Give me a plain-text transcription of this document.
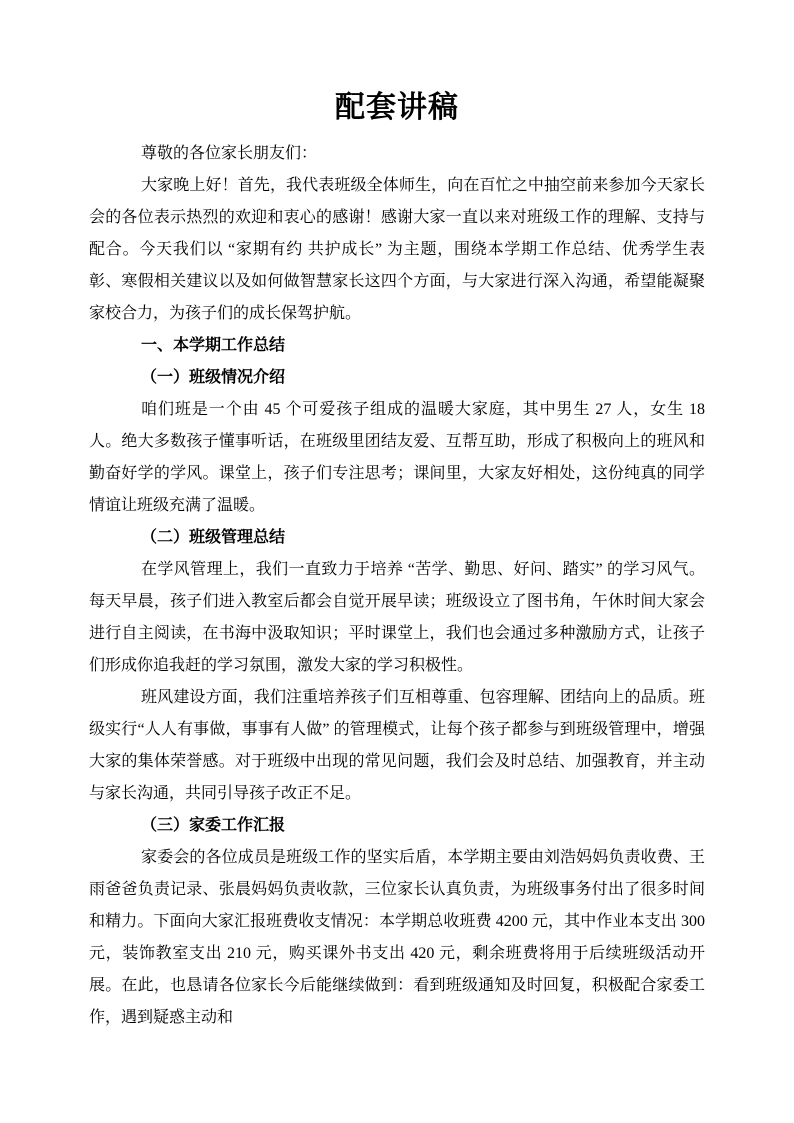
配套讲稿

尊敬的各位家长朋友们：

大家晚上好！首先，我代表班级全体师生，向在百忙之中抽空前来参加今天家长会的各位表示热烈的欢迎和衷心的感谢！感谢大家一直以来对班级工作的理解、支持与配合。今天我们以 “家期有约 共护成长” 为主题，围绕本学期工作总结、优秀学生表彰、寒假相关建议以及如何做智慧家长这四个方面，与大家进行深入沟通，希望能凝聚家校合力，为孩子们的成长保驾护航。

一、本学期工作总结

（一）班级情况介绍

咱们班是一个由 45 个可爱孩子组成的温暖大家庭，其中男生 27 人，女生 18 人。绝大多数孩子懂事听话，在班级里团结友爱、互帮互助，形成了积极向上的班风和勤奋好学的学风。课堂上，孩子们专注思考；课间里，大家友好相处，这份纯真的同学情谊让班级充满了温暖。

（二）班级管理总结

在学风管理上，我们一直致力于培养 “苦学、勤思、好问、踏实” 的学习风气。每天早晨，孩子们进入教室后都会自觉开展早读；班级设立了图书角，午休时间大家会进行自主阅读，在书海中汲取知识；平时课堂上，我们也会通过多种激励方式，让孩子们形成你追我赶的学习氛围，激发大家的学习积极性。

班风建设方面，我们注重培养孩子们互相尊重、包容理解、团结向上的品质。班级实行“人人有事做，事事有人做” 的管理模式，让每个孩子都参与到班级管理中，增强大家的集体荣誉感。对于班级中出现的常见问题，我们会及时总结、加强教育，并主动与家长沟通，共同引导孩子改正不足。

（三）家委工作汇报

家委会的各位成员是班级工作的坚实后盾，本学期主要由刘浩妈妈负责收费、王雨爸爸负责记录、张晨妈妈负责收款，三位家长认真负责，为班级事务付出了很多时间和精力。下面向大家汇报班费收支情况：本学期总收班费 4200 元，其中作业本支出 300 元，装饰教室支出 210 元，购买课外书支出 420 元，剩余班费将用于后续班级活动开展。在此，也恳请各位家长今后能继续做到：看到班级通知及时回复，积极配合家委工作，遇到疑惑主动和
